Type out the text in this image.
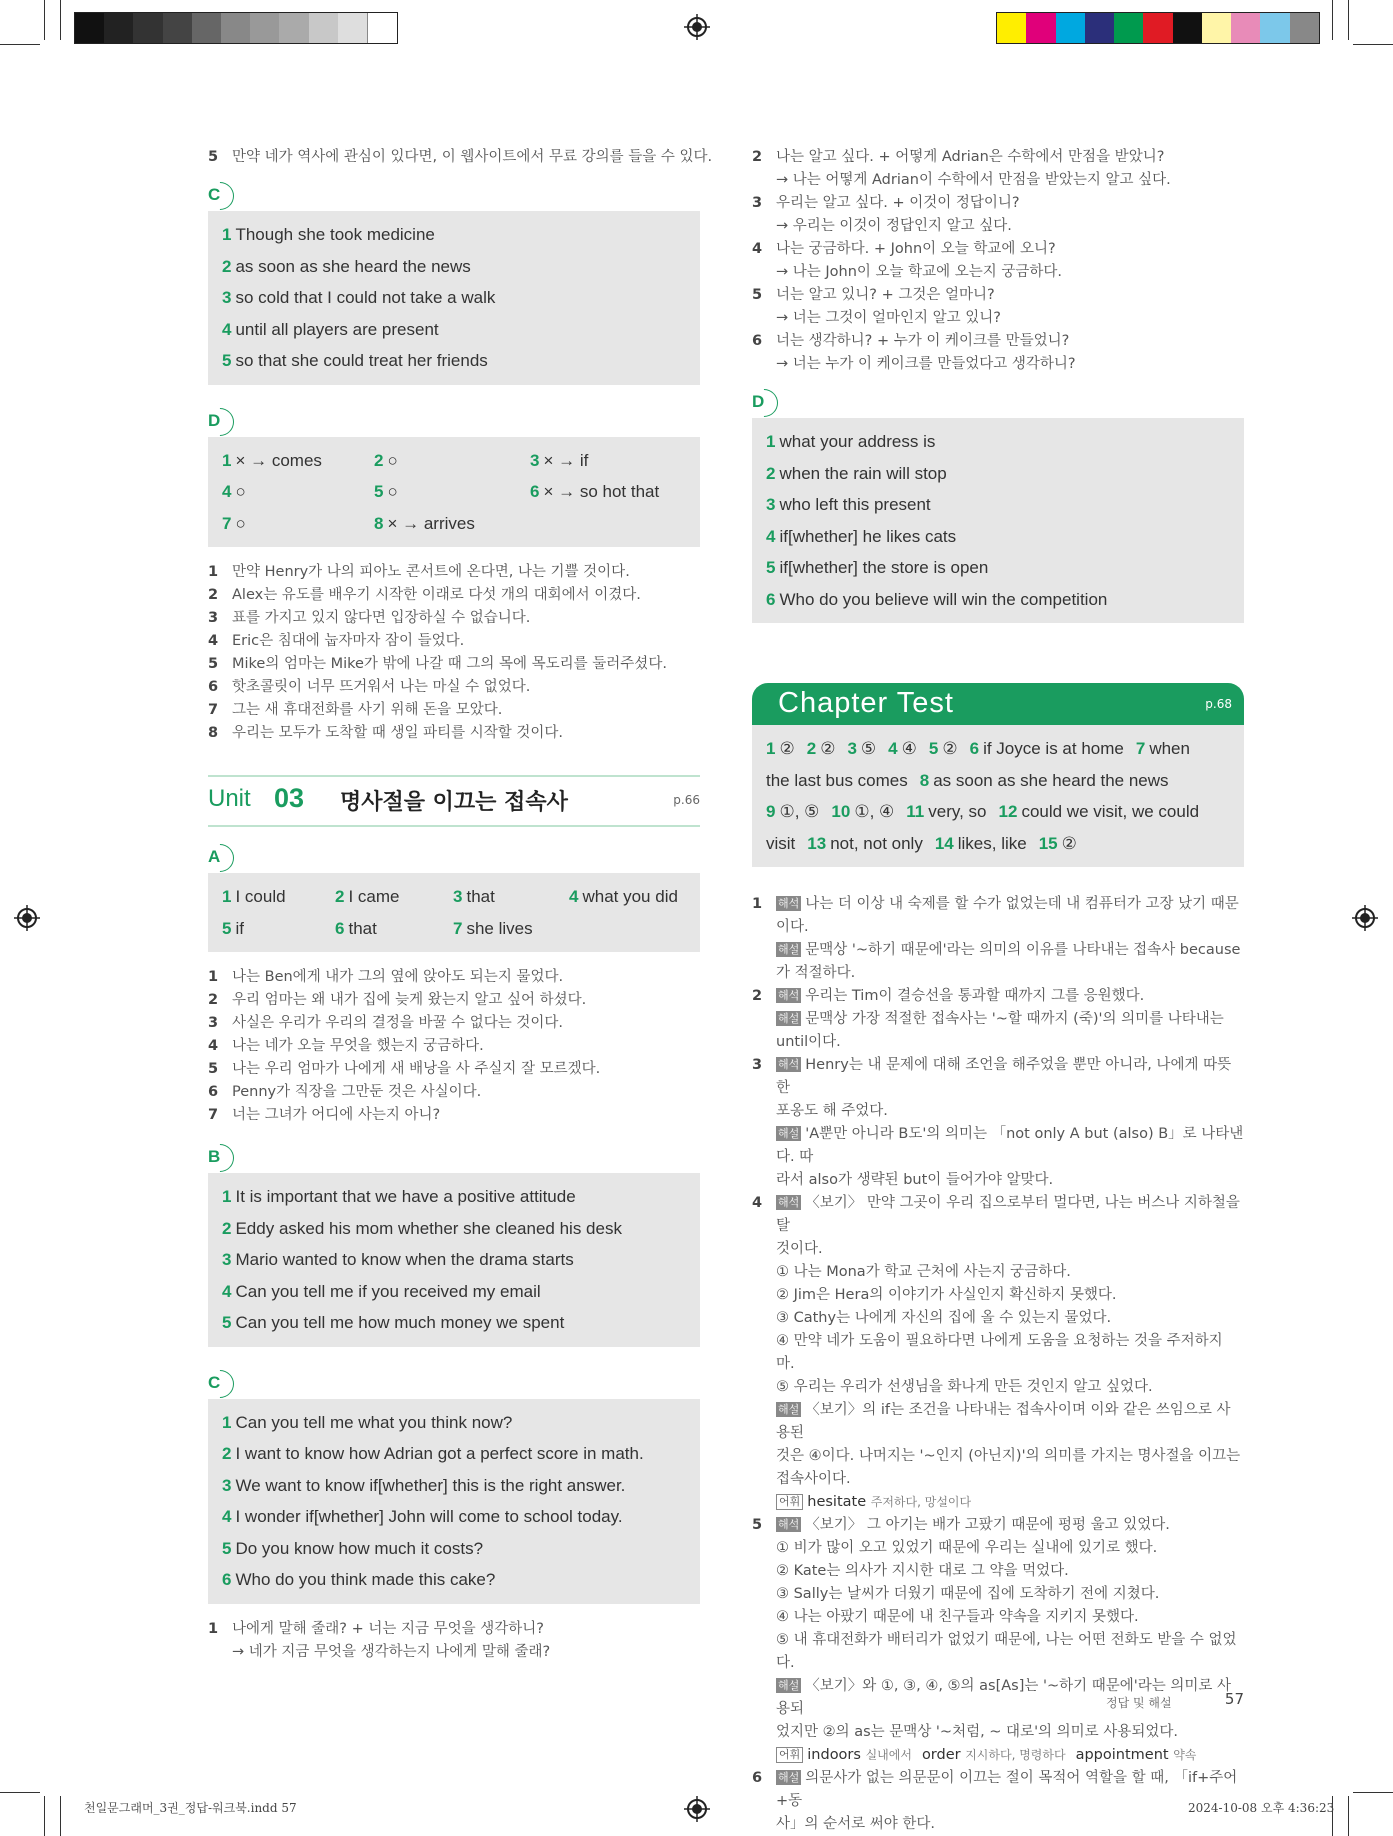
5 만약 네가 역사에 관심이 있다면, 이 웹사이트에서 무료 강의를 들을 수 있다.
C
1 Though she took medicine
2 as soon as she heard the news
3 so cold that I could not take a walk
4 until all players are present
5 so that she could treat her friends
D
1 × → comes	2 ○	3 × → if
4 ○	5 ○	6 × → so hot that
7 ○	8 × → arrives
1 만약 Henry가 나의 피아노 콘서트에 온다면, 나는 기쁠 것이다.
2 Alex는 유도를 배우기 시작한 이래로 다섯 개의 대회에서 이겼다.
3 표를 가지고 있지 않다면 입장하실 수 없습니다.
4 Eric은 침대에 눕자마자 잠이 들었다.
5 Mike의 엄마는 Mike가 밖에 나갈 때 그의 목에 목도리를 둘러주셨다.
6 핫초콜릿이 너무 뜨거워서 나는 마실 수 없었다.
7 그는 새 휴대전화를 사기 위해 돈을 모았다.
8 우리는 모두가 도착할 때 생일 파티를 시작할 것이다.
Unit 03 명사절을 이끄는 접속사	p.66
A
1 I could	2 I came	3 that	4 what you did
5 if	6 that	7 she lives
1 나는 Ben에게 내가 그의 옆에 앉아도 되는지 물었다.
2 우리 엄마는 왜 내가 집에 늦게 왔는지 알고 싶어 하셨다.
3 사실은 우리가 우리의 결정을 바꿀 수 없다는 것이다.
4 나는 네가 오늘 무엇을 했는지 궁금하다.
5 나는 우리 엄마가 나에게 새 배낭을 사 주실지 잘 모르겠다.
6 Penny가 직장을 그만둔 것은 사실이다.
7 너는 그녀가 어디에 사는지 아니?
B
1 It is important that we have a positive attitude
2 Eddy asked his mom whether she cleaned his desk
3 Mario wanted to know when the drama starts
4 Can you tell me if you received my email
5 Can you tell me how much money we spent
C
1 Can you tell me what you think now?
2 I want to know how Adrian got a perfect score in math.
3 We want to know if[whether] this is the right answer.
4 I wonder if[whether] John will come to school today.
5 Do you know how much it costs?
6 Who do you think made this cake?
1 나에게 말해 줄래? + 너는 지금 무엇을 생각하니?
→ 네가 지금 무엇을 생각하는지 나에게 말해 줄래?
2 나는 알고 싶다. + 어떻게 Adrian은 수학에서 만점을 받았니?
→ 나는 어떻게 Adrian이 수학에서 만점을 받았는지 알고 싶다.
3 우리는 알고 싶다. + 이것이 정답이니?
→ 우리는 이것이 정답인지 알고 싶다.
4 나는 궁금하다. + John이 오늘 학교에 오니?
→ 나는 John이 오늘 학교에 오는지 궁금하다.
5 너는 알고 있니? + 그것은 얼마니?
→ 너는 그것이 얼마인지 알고 있니?
6 너는 생각하니? + 누가 이 케이크를 만들었니?
→ 너는 누가 이 케이크를 만들었다고 생각하니?
D
1 what your address is
2 when the rain will stop
3 who left this present
4 if[whether] he likes cats
5 if[whether] the store is open
6 Who do you believe will win the competition
Chapter Test	p.68
1 ② 2 ② 3 ⑤ 4 ④ 5 ② 6 if Joyce is at home 7 when
the last bus comes 8 as soon as she heard the news
9 ①, ⑤ 10 ①, ④ 11 very, so 12 could we visit, we could
visit 13 not, not only 14 likes, like 15 ②
1 해석 나는 더 이상 내 숙제를 할 수가 없었는데 내 컴퓨터가 고장 났기 때문
이다.
해설 문맥상 '~하기 때문에'라는 의미의 이유를 나타내는 접속사 because
가 적절하다.
2 해석 우리는 Tim이 결승선을 통과할 때까지 그를 응원했다.
해설 문맥상 가장 적절한 접속사는 '~할 때까지 (죽)'의 의미를 나타내는
until이다.
3 해석 Henry는 내 문제에 대해 조언을 해주었을 뿐만 아니라, 나에게 따뜻한
포옹도 해 주었다.
해설 'A뿐만 아니라 B도'의 의미는 「not only A but (also) B」로 나타낸다. 따
라서 also가 생략된 but이 들어가야 알맞다.
4 해석 〈보기〉 만약 그곳이 우리 집으로부터 멀다면, 나는 버스나 지하철을 탈
것이다.
① 나는 Mona가 학교 근처에 사는지 궁금하다.
② Jim은 Hera의 이야기가 사실인지 확신하지 못했다.
③ Cathy는 나에게 자신의 집에 올 수 있는지 물었다.
④ 만약 네가 도움이 필요하다면 나에게 도움을 요청하는 것을 주저하지 마.
⑤ 우리는 우리가 선생님을 화나게 만든 것인지 알고 싶었다.
해설 〈보기〉의 if는 조건을 나타내는 접속사이며 이와 같은 쓰임으로 사용된
것은 ④이다. 나머지는 '~인지 (아닌지)'의 의미를 가지는 명사절을 이끄는
접속사이다.
어휘 hesitate 주저하다, 망설이다
5 해석 〈보기〉 그 아기는 배가 고팠기 때문에 펑펑 울고 있었다.
① 비가 많이 오고 있었기 때문에 우리는 실내에 있기로 했다.
② Kate는 의사가 지시한 대로 그 약을 먹었다.
③ Sally는 날씨가 더웠기 때문에 집에 도착하기 전에 지쳤다.
④ 나는 아팠기 때문에 내 친구들과 약속을 지키지 못했다.
⑤ 내 휴대전화가 배터리가 없었기 때문에, 나는 어떤 전화도 받을 수 없었다.
해설 〈보기〉와 ①, ③, ④, ⑤의 as[As]는 '~하기 때문에'라는 의미로 사용되
었지만 ②의 as는 문맥상 '~처럼, ~ 대로'의 의미로 사용되었다.
어휘 indoors 실내에서 order 지시하다, 명령하다 appointment 약속
6 해설 의문사가 없는 의문문이 이끄는 절이 목적어 역할을 할 때, 「if+주어+동
사」의 순서로 써야 한다.
정답 및 해설	57
천일문그래머_3권_정답-워크북.indd 57	2024-10-08 오후 4:36:23
